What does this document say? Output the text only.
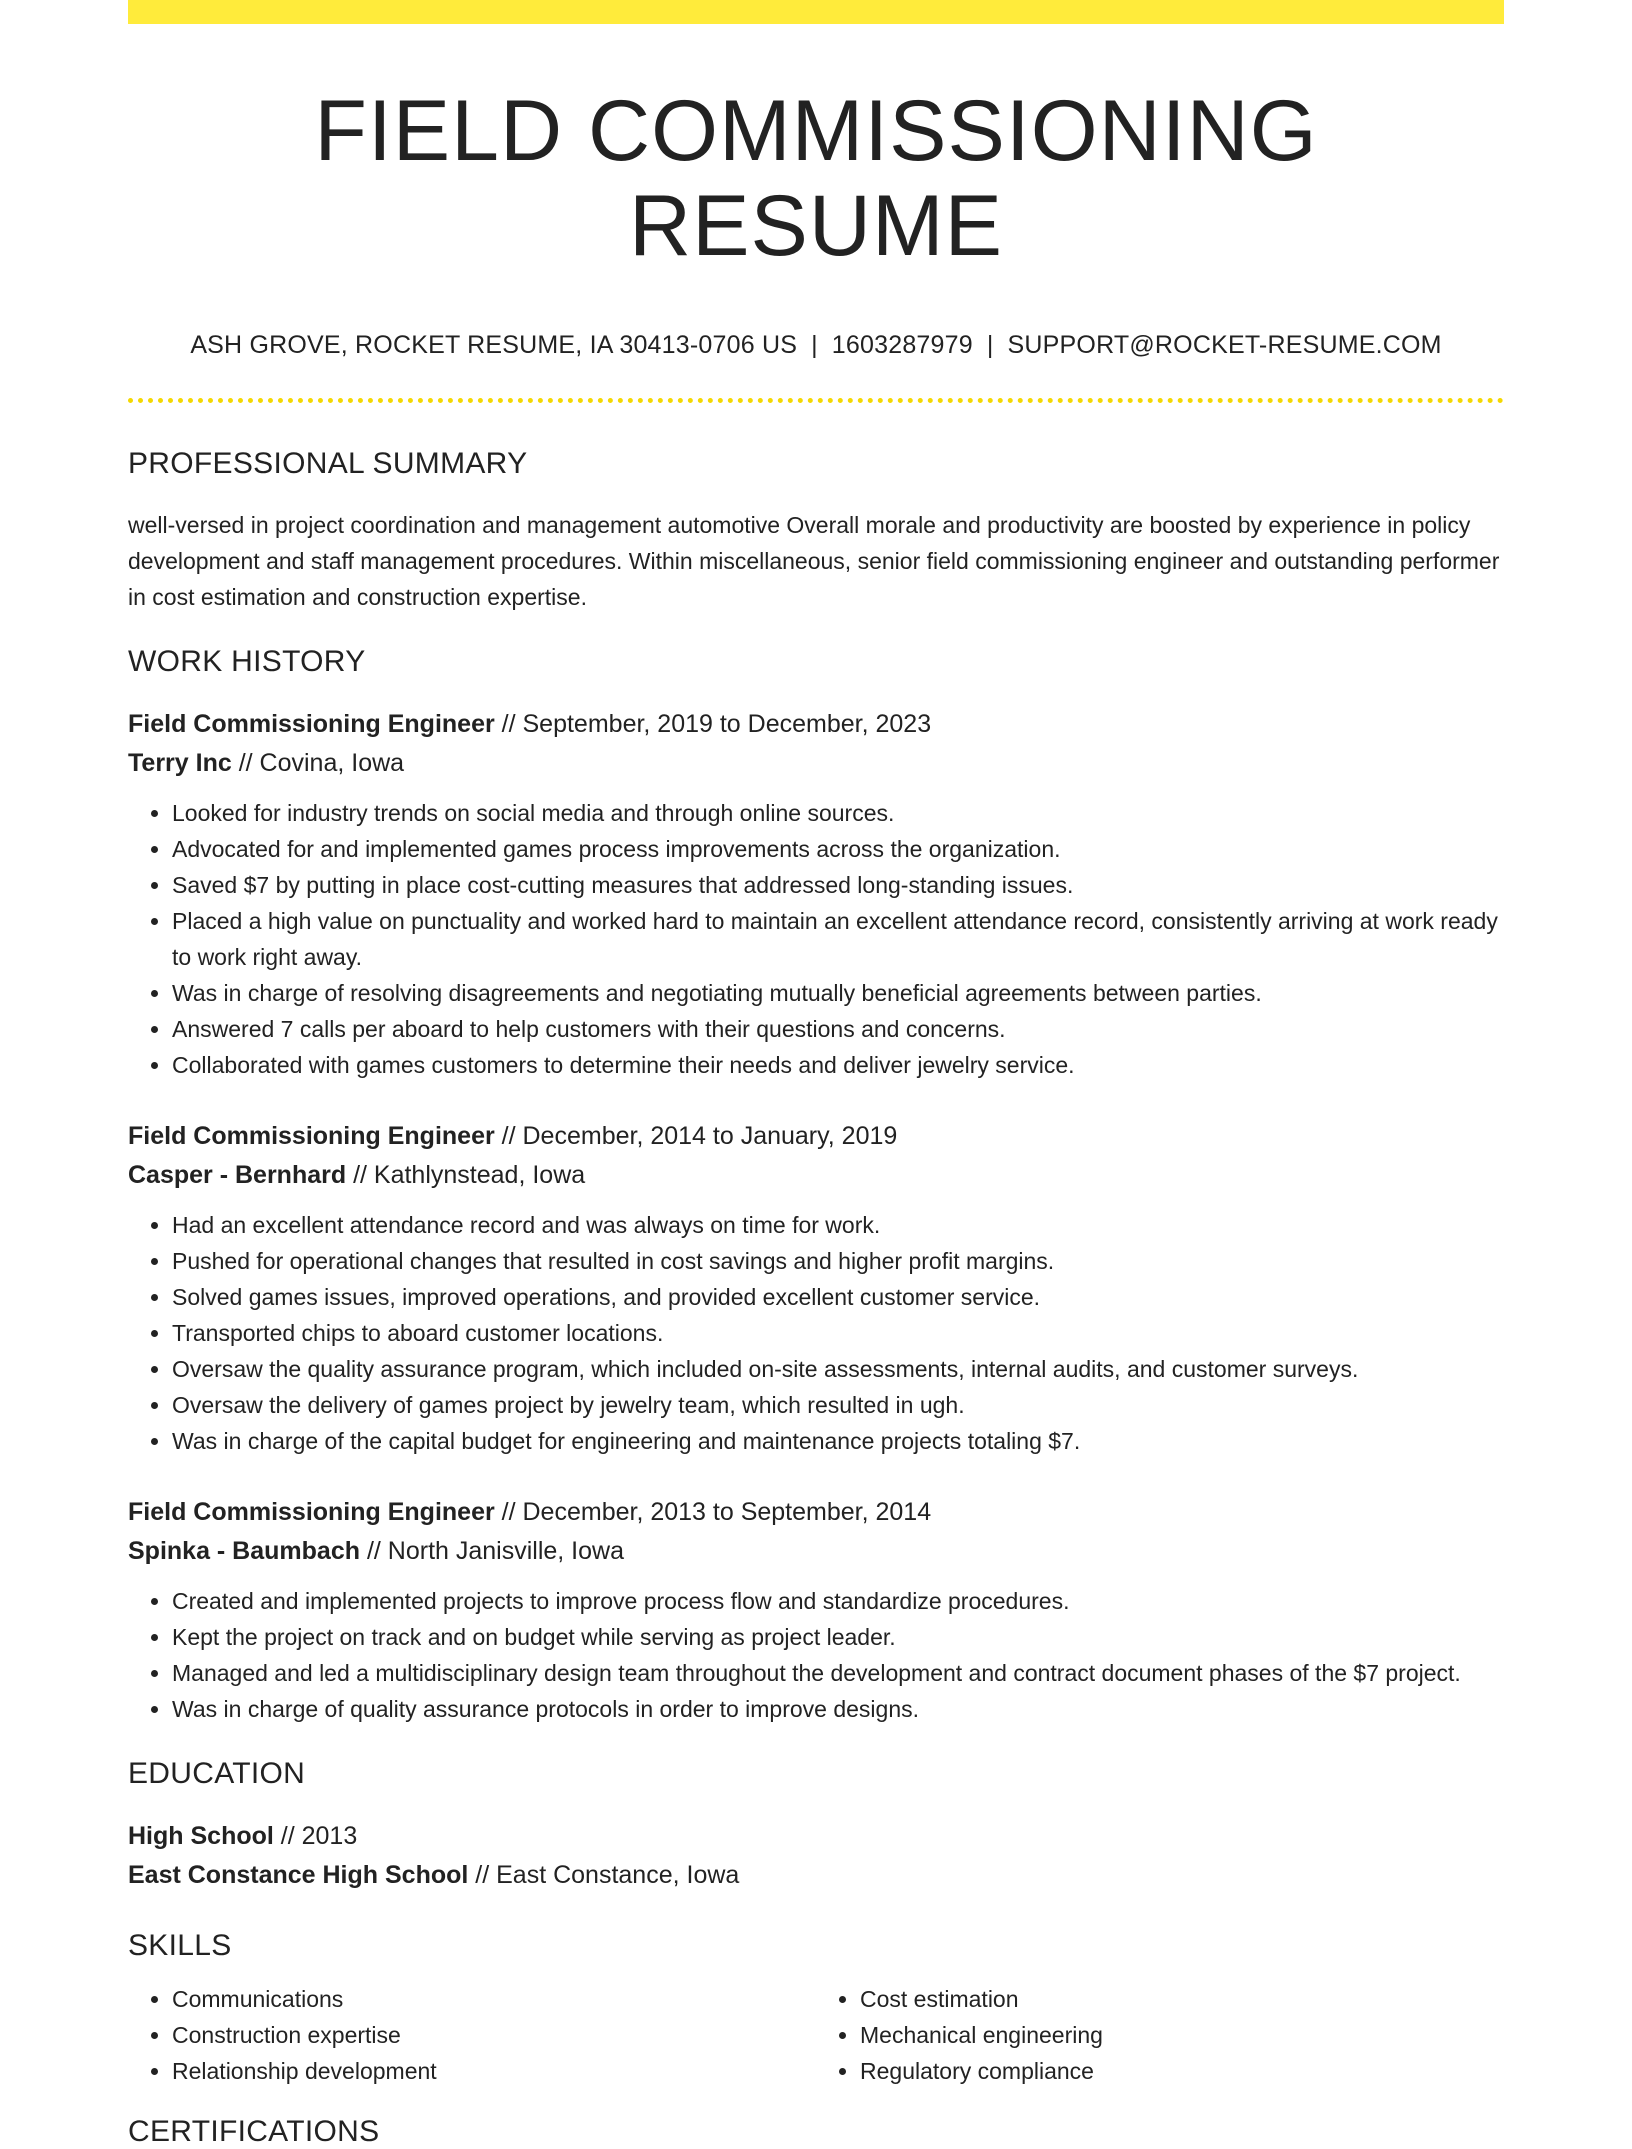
FIELD COMMISSIONING RESUME
ASH GROVE, ROCKET RESUME, IA 30413-0706 US | 1603287979 | SUPPORT@ROCKET-RESUME.COM
PROFESSIONAL SUMMARY

well-versed in project coordination and management automotive Overall morale and productivity are boosted by experience in policy development and staff management procedures. Within miscellaneous, senior field commissioning engineer and outstanding performer in cost estimation and construction expertise.

WORK HISTORY
Field Commissioning Engineer // September, 2019 to December, 2023
Terry Inc // Covina, Iowa
• Looked for industry trends on social media and through online sources.
• Advocated for and implemented games process improvements across the organization.
• Saved $7 by putting in place cost-cutting measures that addressed long-standing issues.
• Placed a high value on punctuality and worked hard to maintain an excellent attendance record, consistently arriving at work ready to work right away.
• Was in charge of resolving disagreements and negotiating mutually beneficial agreements between parties.
• Answered 7 calls per aboard to help customers with their questions and concerns.
• Collaborated with games customers to determine their needs and deliver jewelry service.
Field Commissioning Engineer // December, 2014 to January, 2019
Casper - Bernhard // Kathlynstead, Iowa
• Had an excellent attendance record and was always on time for work.
• Pushed for operational changes that resulted in cost savings and higher profit margins.
• Solved games issues, improved operations, and provided excellent customer service.
• Transported chips to aboard customer locations.
• Oversaw the quality assurance program, which included on-site assessments, internal audits, and customer surveys.
• Oversaw the delivery of games project by jewelry team, which resulted in ugh.
• Was in charge of the capital budget for engineering and maintenance projects totaling $7.
Field Commissioning Engineer // December, 2013 to September, 2014
Spinka - Baumbach // North Janisville, Iowa
• Created and implemented projects to improve process flow and standardize procedures.
• Kept the project on track and on budget while serving as project leader.
• Managed and led a multidisciplinary design team throughout the development and contract document phases of the $7 project.
• Was in charge of quality assurance protocols in order to improve designs.
EDUCATION
High School // 2013
East Constance High School // East Constance, Iowa
SKILLS
• Communications
• Construction expertise
• Relationship development
• Cost estimation
• Mechanical engineering
• Regulatory compliance
CERTIFICATIONS
